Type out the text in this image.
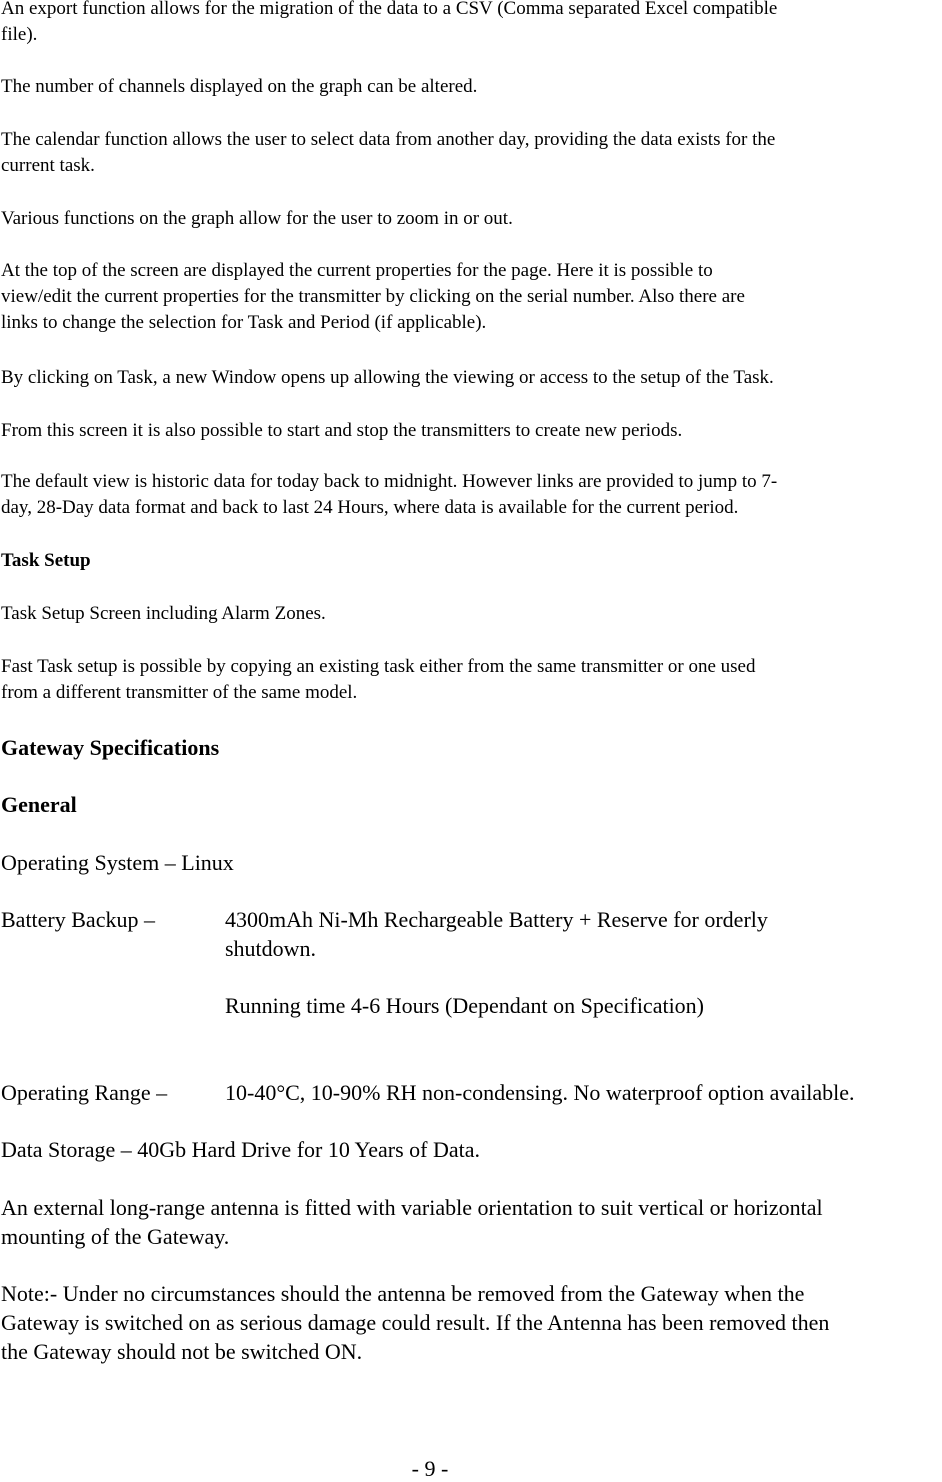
An export function allows for the migration of the data to a CSV (Comma separated Excel compatible
file).

The number of channels displayed on the graph can be altered.

The calendar function allows the user to select data from another day, providing the data exists for the
current task.

Various functions on the graph allow for the user to zoom in or out.

At the top of the screen are displayed the current properties for the page. Here it is possible to
view/edit the current properties for the transmitter by clicking on the serial number. Also there are
links to change the selection for Task and Period (if applicable).

By clicking on Task, a new Window opens up allowing the viewing or access to the setup of the Task.

From this screen it is also possible to start and stop the transmitters to create new periods.

The default view is historic data for today back to midnight. However links are provided to jump to 7-
day, 28-Day data format and back to last 24 Hours, where data is available for the current period.
Task Setup

Task Setup Screen including Alarm Zones.

Fast Task setup is possible by copying an existing task either from the same transmitter or one used
from a different transmitter of the same model.
Gateway Specifications
General

Operating System – Linux

Battery Backup –	4300mAh Ni-Mh Rechargeable Battery + Reserve for orderly
shutdown.
Running time 4-6 Hours (Dependant on Specification)
Operating Range –	10-40°C, 10-90% RH non-condensing. No waterproof option available.

Data Storage – 40Gb Hard Drive for 10 Years of Data.

An external long-range antenna is fitted with variable orientation to suit vertical or horizontal
mounting of the Gateway.
Note:- Under no circumstances should the antenna be removed from the Gateway when the
Gateway is switched on as serious damage could result. If the Antenna has been removed then
the Gateway should not be switched ON.
- 9 -
